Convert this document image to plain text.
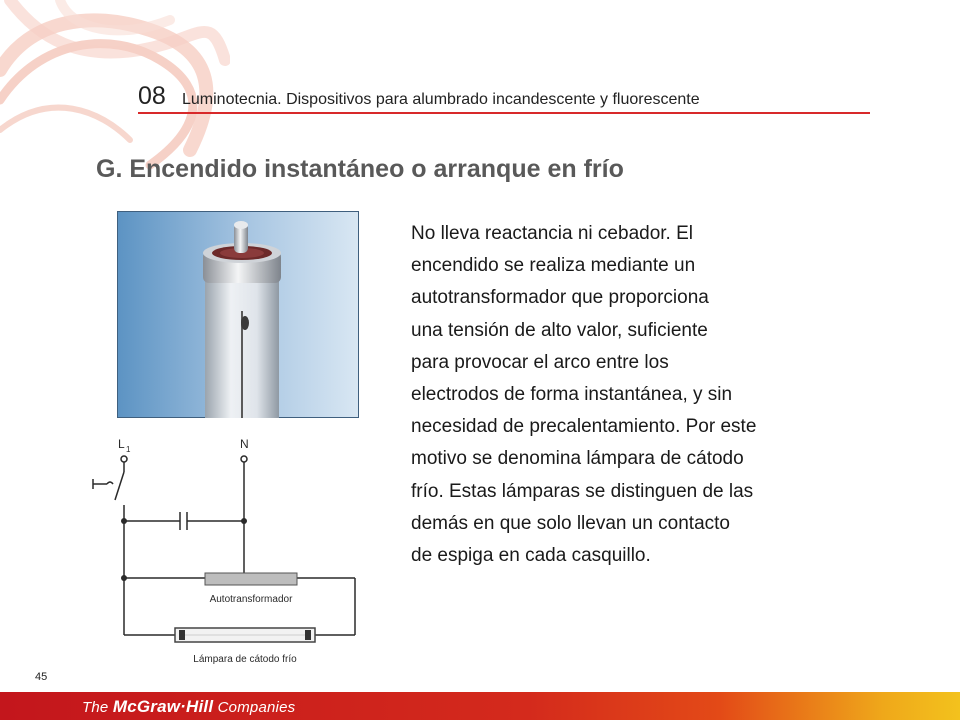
08 Luminotecnia. Dispositivos para alumbrado incandescente y fluorescente
G. Encendido instantáneo o arranque en frío
L 1	N
Autotransformador
Lámpara de cátodo frío
No lleva reactancia ni cebador. El
encendido se realiza mediante un
autotransformador que proporciona
una tensión de alto valor, suficiente
para provocar el arco entre los
electrodos de forma instantánea, y sin
necesidad de precalentamiento. Por este
motivo se denomina lámpara de cátodo
frío. Estas lámparas se distinguen de las
demás en que solo llevan un contacto
de espiga en cada casquillo.
45
The McGraw·Hill Companies
